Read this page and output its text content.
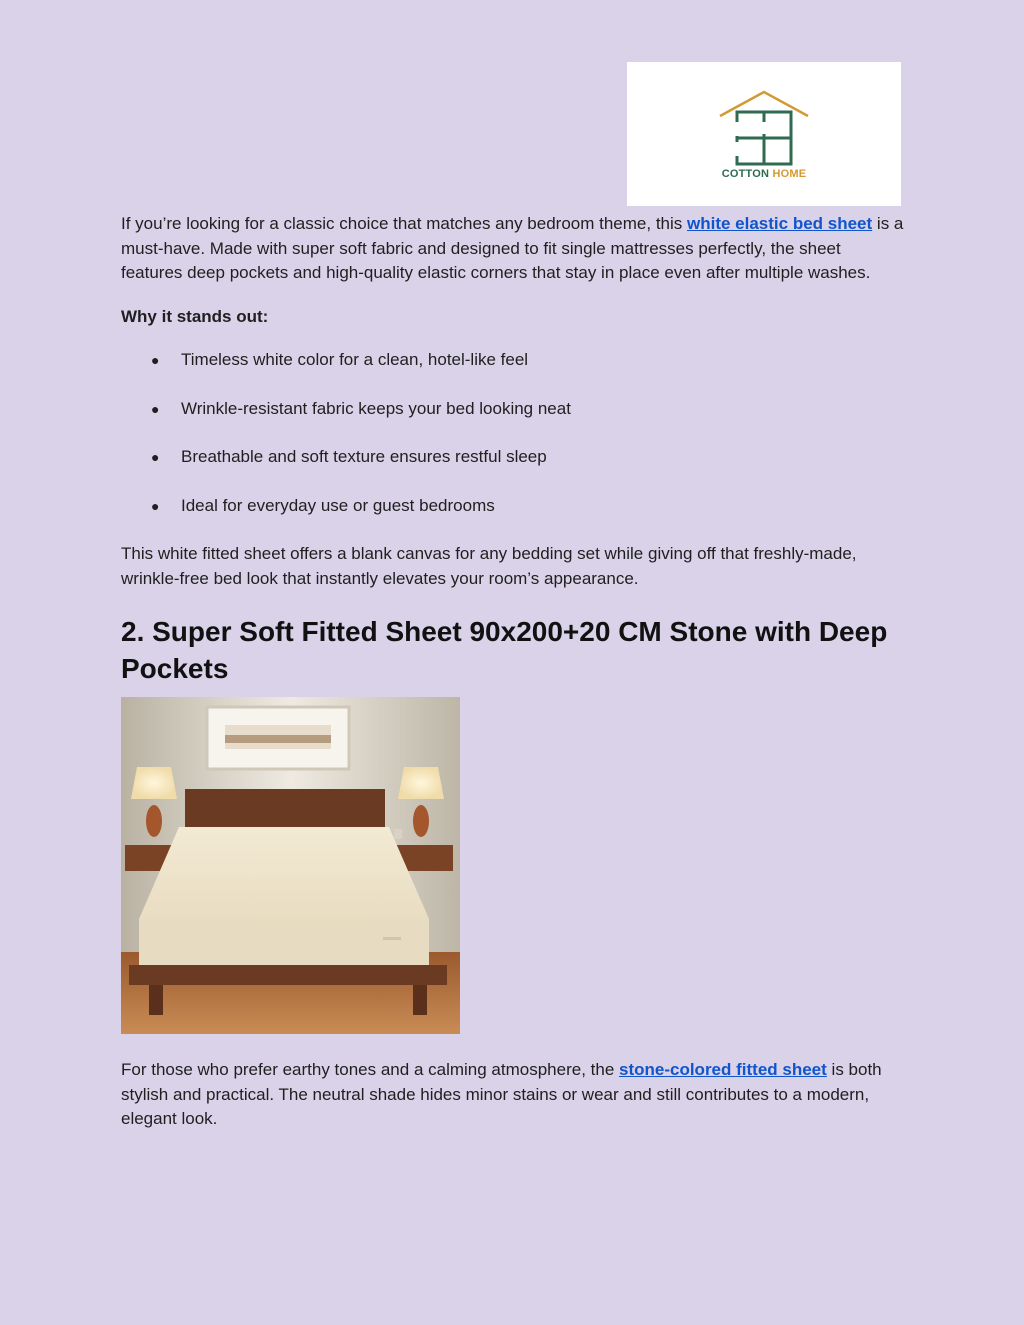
COTTON HOME

If you’re looking for a classic choice that matches any bedroom theme, this white elastic bed sheet is a must-have. Made with super soft fabric and designed to fit single mattresses perfectly, the sheet features deep pockets and high-quality elastic corners that stay in place even after multiple washes.

Why it stands out:

● Timeless white color for a clean, hotel-like feel
● Wrinkle-resistant fabric keeps your bed looking neat
● Breathable and soft texture ensures restful sleep
● Ideal for everyday use or guest bedrooms

This white fitted sheet offers a blank canvas for any bedding set while giving off that freshly-made, wrinkle-free bed look that instantly elevates your room’s appearance.

2. Super Soft Fitted Sheet 90x200+20 CM Stone with Deep Pockets

For those who prefer earthy tones and a calming atmosphere, the stone-colored fitted sheet is both stylish and practical. The neutral shade hides minor stains or wear and still contributes to a modern, elegant look.
